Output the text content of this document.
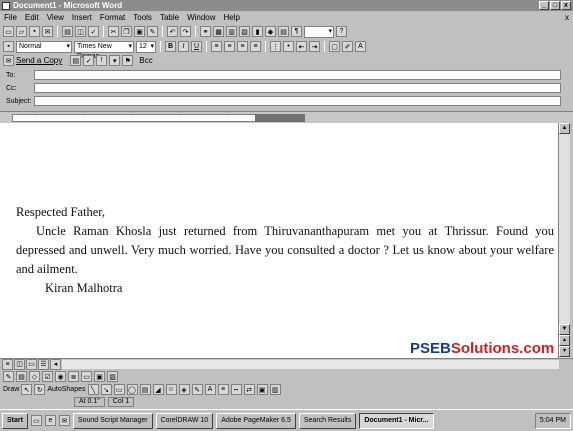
Document1 - Microsoft Word	_ □ x
File Edit View Insert Format Tools Table Window Help	x
▭ ▱	▪	✉	▤ ◫ ✓	✂ ❐ ▣ ✎	↶	↷	⚭ ▦ ▥ ▧	▮	◆	▤	¶
▾	?
▪	Normal ▾	Times New ▾	12 ▾	B	I	U	≡	≡	≡	≡	⋮	•	⇤	⇥	▢ ✐	A
✉ Send a Copy	▤ ✓	!	▾	⚑ Bcc
To:
Cc:
Subject:
·	·	·	·	·

Respected Father,

Uncle Raman Khosla just returned from Thiruvananthapuram met you at Thrissur. Found you depressed and unwell. Very much worried. Have you consulted a doctor ? Let us know about your welfare and ailment.

Kiran Malhotra

▲
▼
▴
▾
PSEBSolutions.com
≡ ◫ ▭ ☰	◂
✎ ▤ ◇	☑ ◉	≣ ▭ ▣ ▨
Draw ↖	↻ AutoShapes ╲	↘ ▭ ◯ ▤ ◢ ☺ ◈	✎	A	≡	┅	⇄ ▣ ▥
At 0.1"	Col 1
Start	▭	e	✉	Sound Script Manager	CorelDRAW 10	Adobe PageMaker 6.5	Search Results	Document1 - Micr...	5:04 PM
